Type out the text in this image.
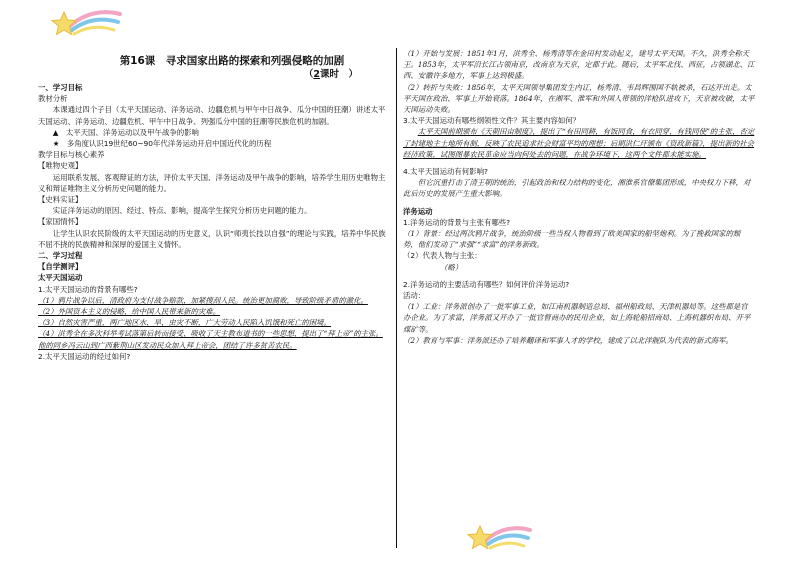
第16课　寻求国家出路的探索和列强侵略的加剧
（2课时　）

一、学习目标

教材分析

本课通过四个子目（太平天国运动、洋务运动、边疆危机与甲午中日战争、瓜分中国的狂潮）讲述太平天国运动、洋务运动、边疆危机、甲午中日战争、列强瓜分中国的狂潮等民族危机的加剧。

▲　太平天国、洋务运动以及甲午战争的影响

★　多角度认识19世纪60~90年代洋务运动开启中国近代化的历程

教学目标与核心素养

【唯物史观】

运用联系发展、客观辩证的方法，评价太平天国、洋务运动及甲午战争的影响，培养学生用历史唯物主义和辩证唯物主义分析历史问题的能力。

【史料实证】

实证洋务运动的原因、经过、特点、影响，提高学生探究分析历史问题的能力。

【家国情怀】

让学生认识农民阶级的太平天国运动的历史意义，认识“师夷长技以自强”的理论与实践，培养中华民族不屈不挠的民族精神和深厚的爱国主义情怀。

二、学习过程

【自学测评】

太平天国运动

1.太平天国运动的背景有哪些?

（1）鸦片战争以后，清政府为支付战争赔款，加紧搜刮人民。统治更加腐败，导致阶级矛盾的激化。

（2）外国资本主义的侵略，给中国人民带来新的灾难。

（3）自然灾害严重，两广地区水、旱、虫灾不断，广大劳动人民陷入饥饿和死亡的困境。

（4）洪秀全在多次科举考试落第后转而接受、吸收了天主教布道书的一些思想，提出了“拜上帝”的主张。他的同乡冯云山到广西紫荆山区发动民众加入拜上帝会，团结了许多贫苦农民。

2.太平天国运动的经过如何?

（1）开始与发展：1851年1月，洪秀全、杨秀清等在金田村发动起义，建号太平天国。不久，洪秀全称天王。1853年，太平军沿长江占领南京，改南京为天京，定都于此。随后，太平军北伐、西征，占领湖北、江西、安徽许多地方，军事上达到极盛。

（2）转折与失败：1856年，太平天国领导集团发生内讧，杨秀清、韦昌辉围国不轨被杀，石达开出走。太平天国在政治、军事上开始衰落。1864年，在湘军、淮军和外国人带领的洋枪队进攻下，天京被攻破，太平天国运动失败。

3.太平天国运动有哪些纲领性文件？其主要内容如何？

太平天国前期颁布《天朝田亩制度》，提出了“有田同耕，有饭同食，有衣同穿，有钱同使”的主张，否定了封建地主土地所有制，反映了农民追求社会财富平均的理想；后期洪仁玕颁布《资政新篇》，提出新的社会经济政策，试图图暴农民革命应当向何处去的问题，在战争环境下，这两个文件都未能实施。

4.太平天国运动有何影响?

但它沉重打击了清王朝的统治，引起政治和权力结构的变化，湘淮系官僚集团形成，中央权力下移，对此后历史的发展产生重大影响。

洋务运动

1.洋务运动的背景与主张有哪些?

（1）背景：经过两次鸦片战争，统治阶级一些当权人物看到了欧美国家的船坚炮利。为了挽救国家的颓势，他们发动了“求强”“求富”的洋务新政。

（2）代表人物与主张：

（略）

2.洋务运动的主要活动有哪些？如何评价洋务运动?

活动：

（1）工业：洋务派创办了一批军事工业，如江南机器制造总局、福州船政局、天津机器局等。这些都是官办企业。为了求富，洋务派又开办了一批官督商办的民用企业，如上海轮船招商局、上海机器织布局、开平煤矿等。

（2）教育与军事：洋务派还办了培养翻译和军事人才的学校，建成了以北洋舰队为代表的新式海军。
